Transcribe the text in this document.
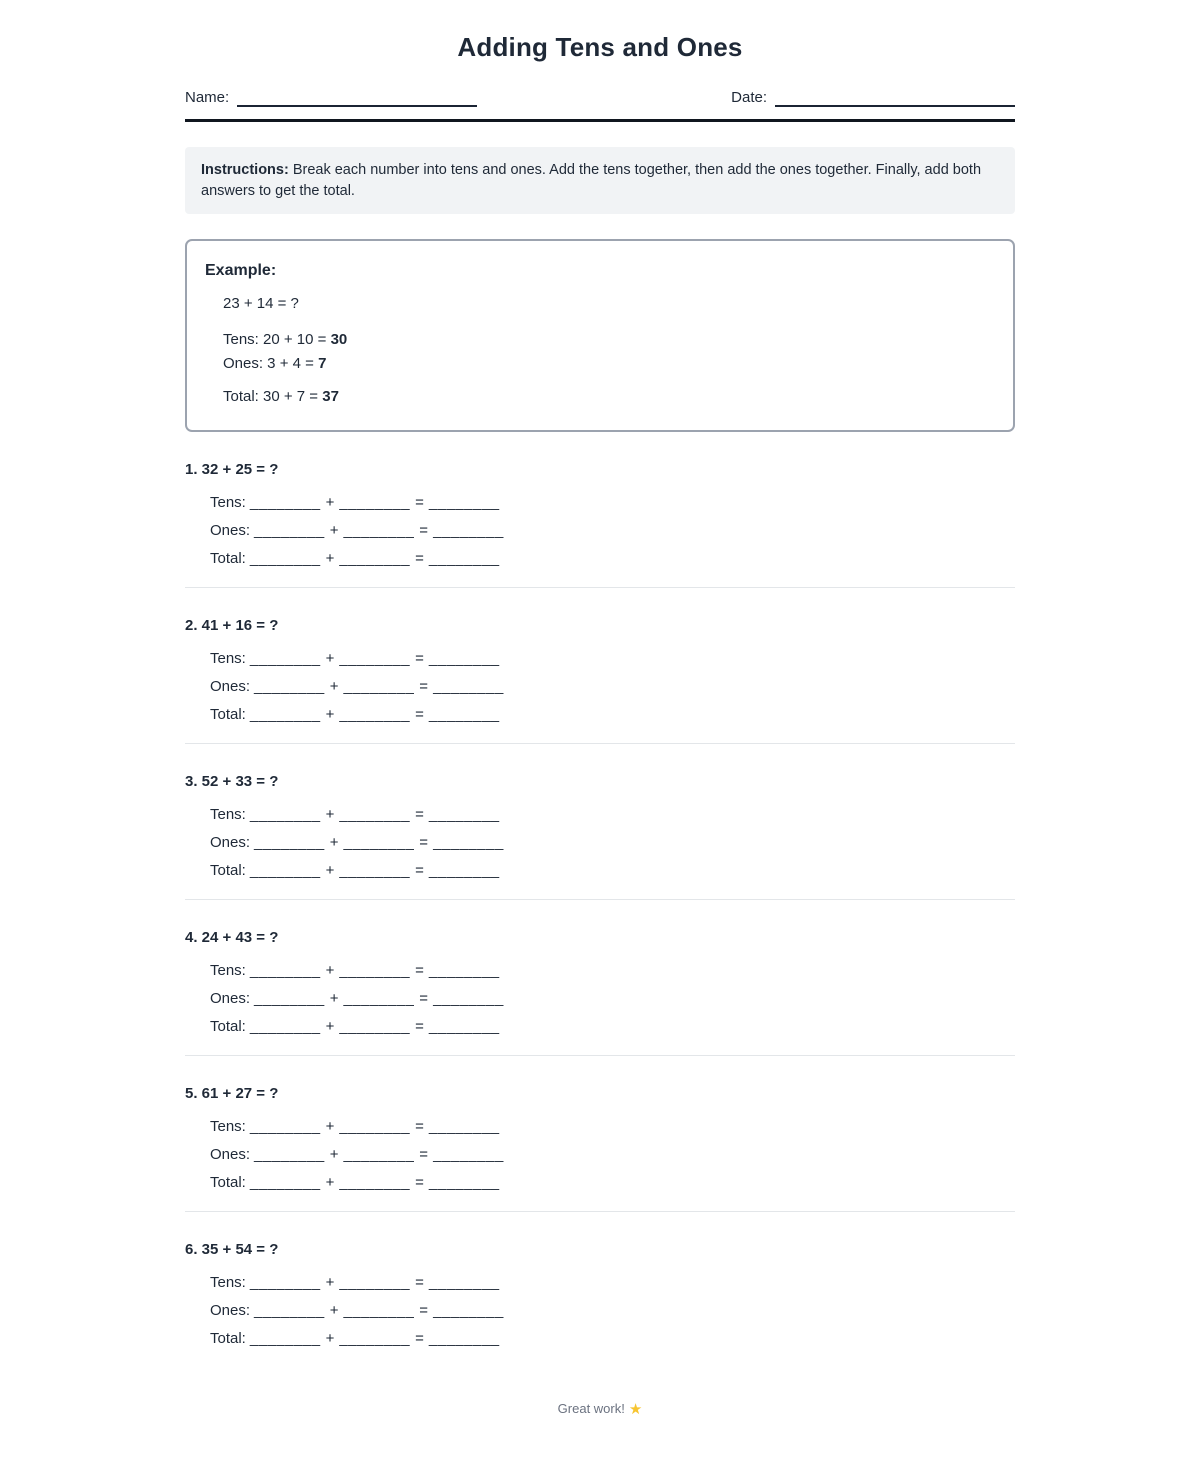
Adding Tens and Ones
Name:	Date:
Instructions: Break each number into tens and ones. Add the tens together, then add the ones together. Finally, add both answers to get the total.
Example:
23 + 14 = ?
Tens: 20 + 10 = 30
Ones: 3 + 4 = 7
Total: 30 + 7 = 37
1. 32 + 25 = ?
Tens: ________ + ________ = ________
Ones: ________ + ________ = ________
Total: ________ + ________ = ________
2. 41 + 16 = ?
Tens: ________ + ________ = ________
Ones: ________ + ________ = ________
Total: ________ + ________ = ________
3. 52 + 33 = ?
Tens: ________ + ________ = ________
Ones: ________ + ________ = ________
Total: ________ + ________ = ________
4. 24 + 43 = ?
Tens: ________ + ________ = ________
Ones: ________ + ________ = ________
Total: ________ + ________ = ________
5. 61 + 27 = ?
Tens: ________ + ________ = ________
Ones: ________ + ________ = ________
Total: ________ + ________ = ________
6. 35 + 54 = ?
Tens: ________ + ________ = ________
Ones: ________ + ________ = ________
Total: ________ + ________ = ________
Great work! ★
